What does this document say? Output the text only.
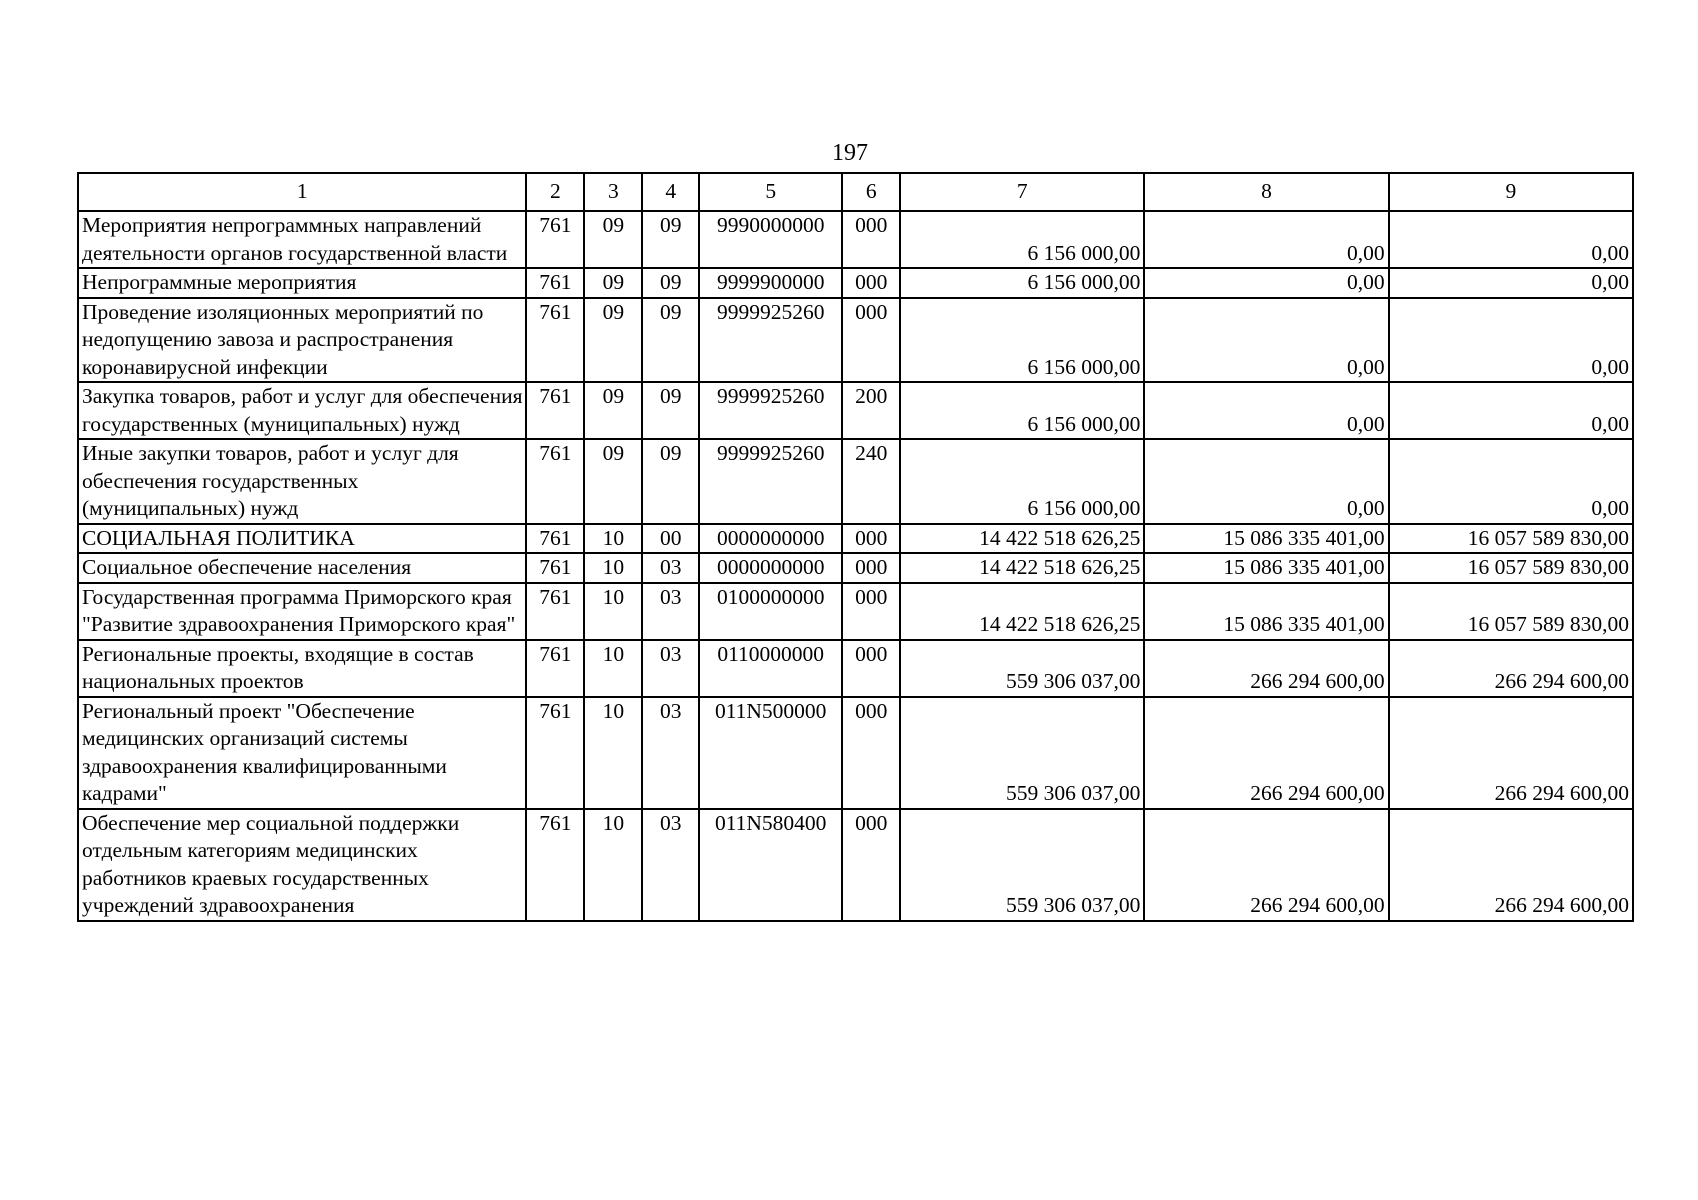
197
1	2	3	4	5	6	7	8	9
Мероприятия непрограммных направлений деятельности органов государственной власти	761	09	09	9990000000	000	6 156 000,00	0,00	0,00
Непрограммные мероприятия	761	09	09	9999900000	000	6 156 000,00	0,00	0,00
Проведение изоляционных мероприятий по недопущению завоза и распространения коронавирусной инфекции	761	09	09	9999925260	000	6 156 000,00	0,00	0,00
Закупка товаров, работ и услуг для обеспечения государственных (муниципальных) нужд	761	09	09	9999925260	200	6 156 000,00	0,00	0,00
Иные закупки товаров, работ и услуг для обеспечения государственных (муниципальных) нужд	761	09	09	9999925260	240	6 156 000,00	0,00	0,00
СОЦИАЛЬНАЯ ПОЛИТИКА	761	10	00	0000000000	000	14 422 518 626,25	15 086 335 401,00	16 057 589 830,00
Социальное обеспечение населения	761	10	03	0000000000	000	14 422 518 626,25	15 086 335 401,00	16 057 589 830,00
Государственная программа Приморского края "Развитие здравоохранения Приморского края"	761	10	03	0100000000	000	14 422 518 626,25	15 086 335 401,00	16 057 589 830,00
Региональные проекты, входящие в состав национальных проектов	761	10	03	0110000000	000	559 306 037,00	266 294 600,00	266 294 600,00
Региональный проект "Обеспечение медицинских организаций системы здравоохранения квалифицированными кадрами"	761	10	03	011N500000	000	559 306 037,00	266 294 600,00	266 294 600,00
Обеспечение мер социальной поддержки отдельным категориям медицинских работников краевых государственных учреждений здравоохранения	761	10	03	011N580400	000	559 306 037,00	266 294 600,00	266 294 600,00
